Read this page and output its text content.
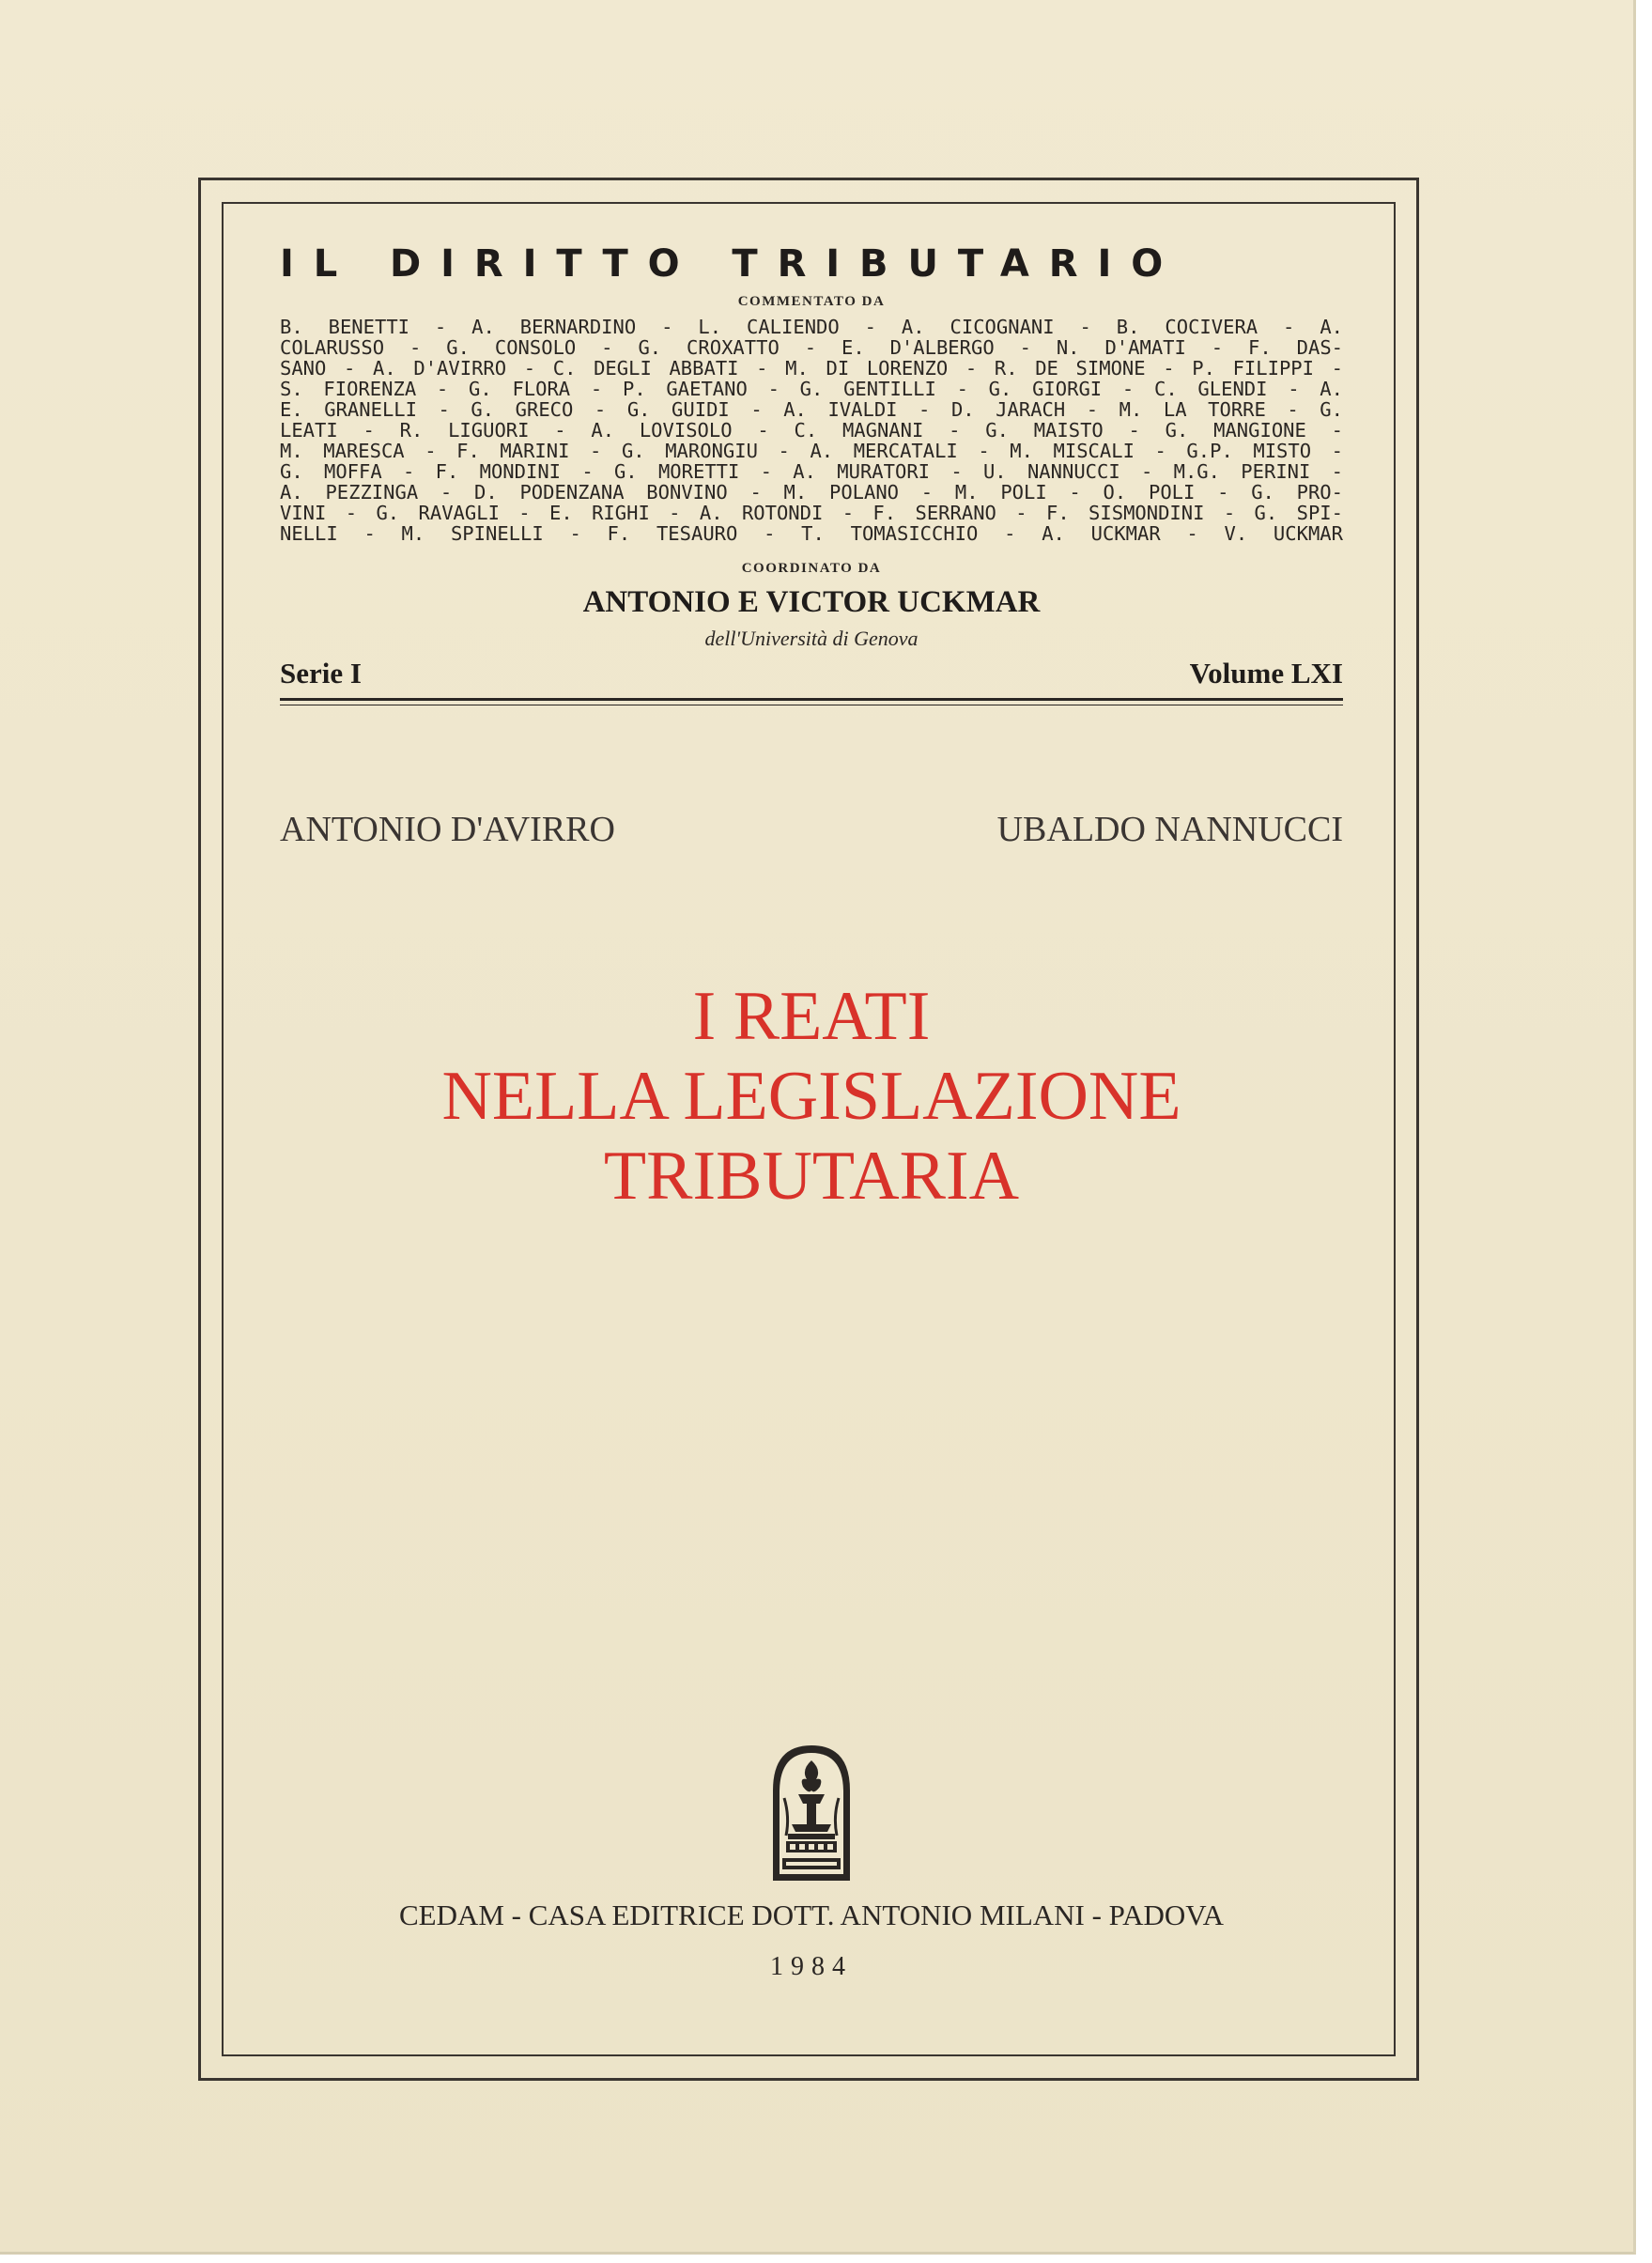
IL DIRITTO TRIBUTARIO
COMMENTATO DA
B. BENETTI - A. BERNARDINO - L. CALIENDO - A. CICOGNANI - B. COCIVERA - A.
COLARUSSO - G. CONSOLO - G. CROXATTO - E. D'ALBERGO - N. D'AMATI - F. DAS-
SANO - A. D'AVIRRO - C. DEGLI ABBATI - M. DI LORENZO - R. DE SIMONE - P. FILIPPI -
S. FIORENZA - G. FLORA - P. GAETANO - G. GENTILLI - G. GIORGI - C. GLENDI - A.
E. GRANELLI - G. GRECO - G. GUIDI - A. IVALDI - D. JARACH - M. LA TORRE - G.
LEATI - R. LIGUORI - A. LOVISOLO - C. MAGNANI - G. MAISTO - G. MANGIONE -
M. MARESCA - F. MARINI - G. MARONGIU - A. MERCATALI - M. MISCALI - G.P. MISTO -
G. MOFFA - F. MONDINI - G. MORETTI - A. MURATORI - U. NANNUCCI - M.G. PERINI -
A. PEZZINGA - D. PODENZANA BONVINO - M. POLANO - M. POLI - O. POLI - G. PRO-
VINI - G. RAVAGLI - E. RIGHI - A. ROTONDI - F. SERRANO - F. SISMONDINI - G. SPI-
NELLI - M. SPINELLI - F. TESAURO - T. TOMASICCHIO - A. UCKMAR - V. UCKMAR
COORDINATO DA
ANTONIO E VICTOR UCKMAR
dell'Università di Genova
Serie I	Volume LXI
ANTONIO D'AVIRRO	UBALDO NANNUCCI
I REATI
NELLA LEGISLAZIONE
TRIBUTARIA
CEDAM - CASA EDITRICE DOTT. ANTONIO MILANI - PADOVA
1984
